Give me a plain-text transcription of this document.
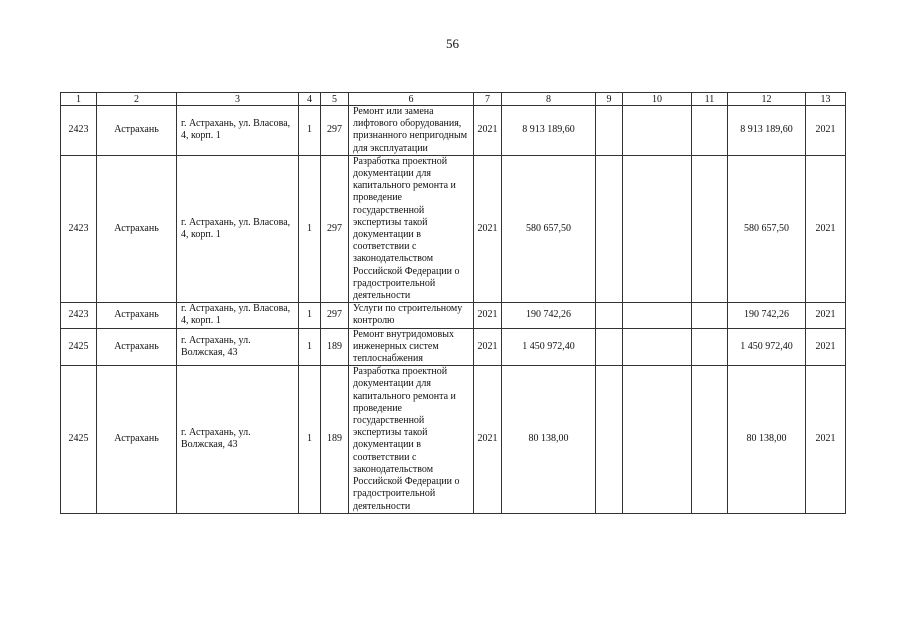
56
1	2	3	4	5	6	7	8	9	10	11	12	13
2423	Астрахань	г. Астрахань, ул. Власова, 4, корп. 1	1	297	Ремонт или замена лифтового оборудования, признанного непригодным для эксплуатации	2021	8 913 189,60				8 913 189,60	2021
2423	Астрахань	г. Астрахань, ул. Власова, 4, корп. 1	1	297	Разработка проектной документации для капитального ремонта и проведение государственной экспертизы такой документации в соответствии с законодательством Российской Федерации о градостроительной деятельности	2021	580 657,50				580 657,50	2021
2423	Астрахань	г. Астрахань, ул. Власова, 4, корп. 1	1	297	Услуги по строительному контролю	2021	190 742,26				190 742,26	2021
2425	Астрахань	г. Астрахань, ул. Волжская, 43	1	189	Ремонт внутридомовых инженерных систем теплоснабжения	2021	1 450 972,40				1 450 972,40	2021
2425	Астрахань	г. Астрахань, ул. Волжская, 43	1	189	Разработка проектной документации для капитального ремонта и проведение государственной экспертизы такой документации в соответствии с законодательством Российской Федерации о градостроительной деятельности	2021	80 138,00				80 138,00	2021
